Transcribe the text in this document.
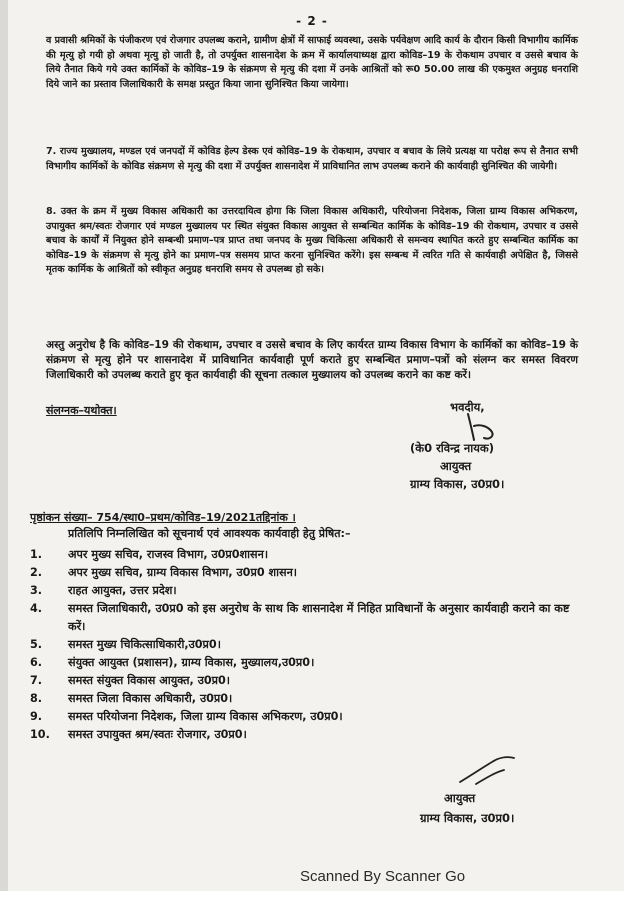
- 2 -
व प्रवासी श्रमिकों के पंजीकरण एवं रोजगार उपलब्ध कराने, ग्रामीण क्षेत्रों में साफाई व्यवस्था, उसके पर्यवेक्षण आदि कार्य के दौरान किसी विभागीय कार्मिक की मृत्यु हो गयी हो अथवा मृत्यु हो जाती है, तो उपर्युक्त शासनादेश के क्रम में कार्यालयाध्यक्ष द्वारा कोविड–19 के रोकथाम उपचार व उससे बचाव के लिये तैनात किये गये उक्त कार्मिकों के कोविड–19 के संक्रमण से मृत्यु की दशा में उनके आश्रितों को रू0 50.00 लाख की एकमुश्त अनुग्रह धनराशि दिये जाने का प्रस्ताव जिलाधिकारी के समक्ष प्रस्तुत किया जाना सुनिश्चित किया जायेगा।
7. राज्य मुख्यालय, मण्डल एवं जनपदों में कोविड हेल्प डेस्क एवं कोविड–19 के रोकथाम, उपचार व बचाव के लिये प्रत्यक्ष या परोक्ष रूप से तैनात सभी विभागीय कार्मिकों के कोविड संक्रमण से मृत्यु की दशा में उपर्युक्त शासनादेश में प्राविधानित लाभ उपलब्ध कराने की कार्यवाही सुनिश्चित की जायेगी।
8. उक्त के क्रम में मुख्य विकास अधिकारी का उत्तरदायित्व होगा कि जिला विकास अधिकारी, परियोजना निदेशक, जिला ग्राम्य विकास अभिकरण, उपायुक्त श्रम/स्वतः रोजगार एवं मण्डल मुख्यालय पर स्थित संयुक्त विकास आयुक्त से सम्बन्धित कार्मिक के कोविड–19 की रोकथाम, उपचार व उससे बचाव के कार्यों में नियुक्त होने सम्बन्धी प्रमाण–पत्र प्राप्त तथा जनपद के मुख्य चिकित्सा अधिकारी से समन्वय स्थापित करते हुए सम्बन्धित कार्मिक का कोविड–19 के संक्रमण से मृत्यु होने का प्रमाण–पत्र ससमय प्राप्त करना सुनिश्चित करेंगे। इस सम्बन्ध में त्वरित गति से कार्यवाही अपेक्षित है, जिससे मृतक कार्मिक के आश्रितों को स्वीकृत अनुग्रह धनराशि समय से उपलब्ध हो सके।
अस्तु अनुरोध है कि कोविड–19 की रोकथाम, उपचार व उससे बचाव के लिए कार्यरत ग्राम्य विकास विभाग के कार्मिकों का कोविड–19 के संक्रमण से मृत्यु होने पर शासनादेश में प्राविधानित कार्यवाही पूर्ण कराते हुए सम्बन्धित प्रमाण–पत्रों को संलग्न कर समस्त विवरण जिलाधिकारी को उपलब्ध कराते हुए कृत कार्यवाही की सूचना तत्काल मुख्यालय को उपलब्ध कराने का कष्ट करें।
संलग्नक–यथोक्त।	भवदीय,
(के0 रविन्द्र नायक)
आयुक्त
ग्राम्य विकास, उ0प्र0।
पृष्ठांकन संख्या– 754/स्था0–प्रथम/कोविड–19/2021तद्दिनांक ।
प्रतिलिपि निम्नलिखित को सूचनार्थ एवं आवश्यक कार्यवाही हेतु प्रेषित:–
1.	अपर मुख्य सचिव, राजस्व विभाग, उ0प्र0शासन।
2.	अपर मुख्य सचिव, ग्राम्य विकास विभाग, उ0प्र0 शासन।
3.	राहत आयुक्त, उत्तर प्रदेश।
4.	समस्त जिलाधिकारी, उ0प्र0 को इस अनुरोध के साथ कि शासनादेश में निहित प्राविधानों के अनुसार कार्यवाही कराने का कष्ट करें।
5.	समस्त मुख्य चिकित्साधिकारी,उ0प्र0।
6.	संयुक्त आयुक्त (प्रशासन), ग्राम्य विकास, मुख्यालय,उ0प्र0।
7.	समस्त संयुक्त विकास आयुक्त, उ0प्र0।
8.	समस्त जिला विकास अधिकारी, उ0प्र0।
9.	समस्त परियोजना निदेशक, जिला ग्राम्य विकास अभिकरण, उ0प्र0।
10.	समस्त उपायुक्त श्रम/स्वतः रोजगार, उ0प्र0।
आयुक्त
ग्राम्य विकास, उ0प्र0।
Scanned By Scanner Go
